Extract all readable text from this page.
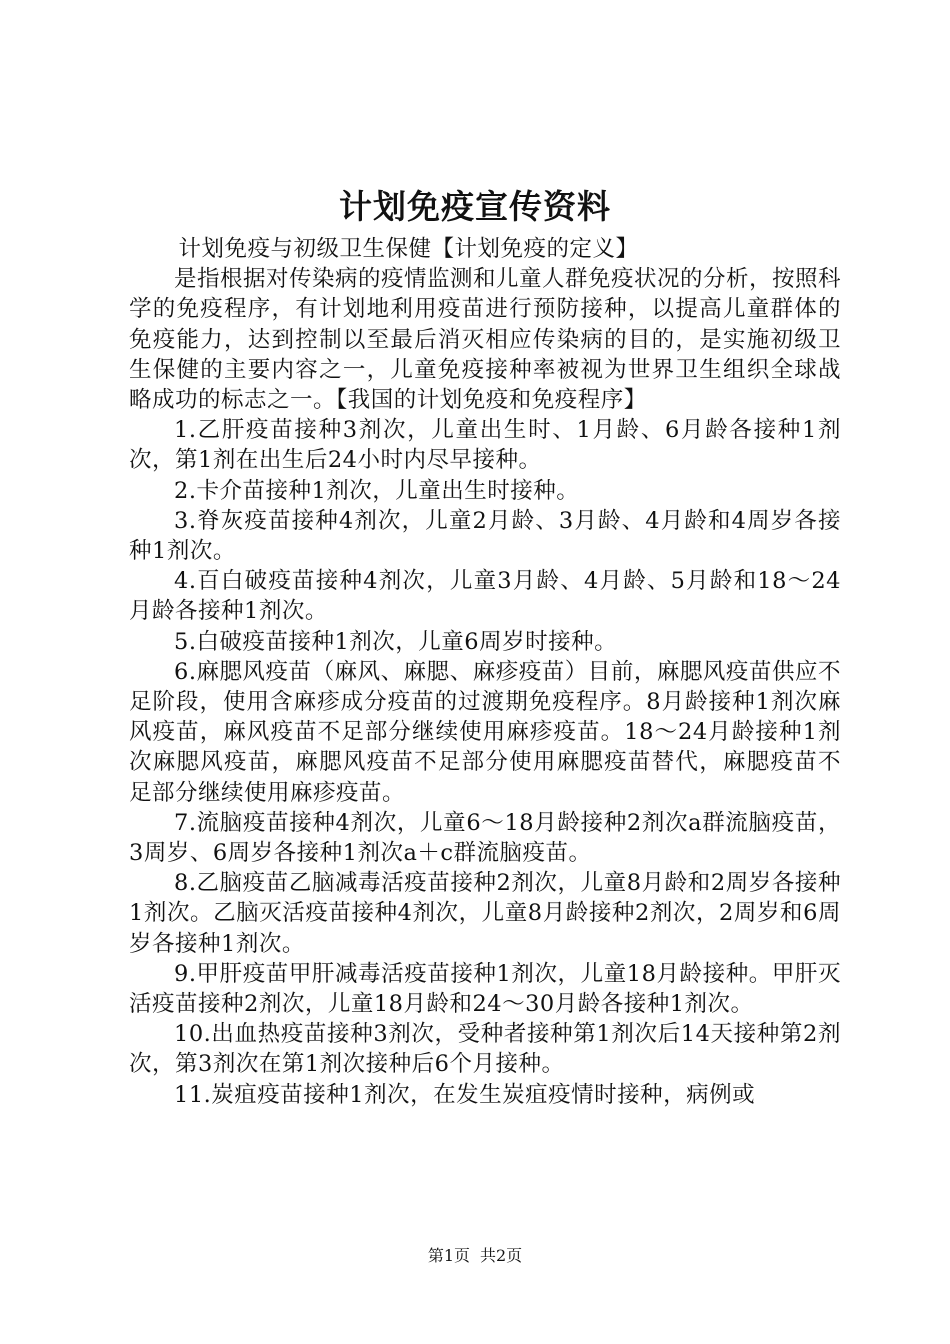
计划免疫宣传资料

计划免疫与初级卫生保健【计划免疫的定义】

是指根据对传染病的疫情监测和儿童人群免疫状况的分析，按照科学的免疫程序，有计划地利用疫苗进行预防接种，以提高儿童群体的免疫能力，达到控制以至最后消灭相应传染病的目的，是实施初级卫生保健的主要内容之一，儿童免疫接种率被视为世界卫生组织全球战略成功的标志之一。【我国的计划免疫和免疫程序】

1.乙肝疫苗接种3剂次，儿童出生时、1月龄、6月龄各接种1剂次，第1剂在出生后24小时内尽早接种。

2.卡介苗接种1剂次，儿童出生时接种。

3.脊灰疫苗接种4剂次，儿童2月龄、3月龄、4月龄和4周岁各接种1剂次。

4.百白破疫苗接种4剂次，儿童3月龄、4月龄、5月龄和18～24月龄各接种1剂次。

5.白破疫苗接种1剂次，儿童6周岁时接种。

6.麻腮风疫苗（麻风、麻腮、麻疹疫苗）目前，麻腮风疫苗供应不足阶段，使用含麻疹成分疫苗的过渡期免疫程序。8月龄接种1剂次麻风疫苗，麻风疫苗不足部分继续使用麻疹疫苗。18～24月龄接种1剂次麻腮风疫苗，麻腮风疫苗不足部分使用麻腮疫苗替代，麻腮疫苗不足部分继续使用麻疹疫苗。

7.流脑疫苗接种4剂次，儿童6～18月龄接种2剂次a群流脑疫苗，3周岁、6周岁各接种1剂次a＋c群流脑疫苗。

8.乙脑疫苗乙脑减毒活疫苗接种2剂次，儿童8月龄和2周岁各接种1剂次。乙脑灭活疫苗接种4剂次，儿童8月龄接种2剂次，2周岁和6周岁各接种1剂次。

9.甲肝疫苗甲肝减毒活疫苗接种1剂次，儿童18月龄接种。甲肝灭活疫苗接种2剂次，儿童18月龄和24～30月龄各接种1剂次。

10.出血热疫苗接种3剂次，受种者接种第1剂次后14天接种第2剂次，第3剂次在第1剂次接种后6个月接种。

11.炭疽疫苗接种1剂次，在发生炭疽疫情时接种，病例或

第1页 共2页
